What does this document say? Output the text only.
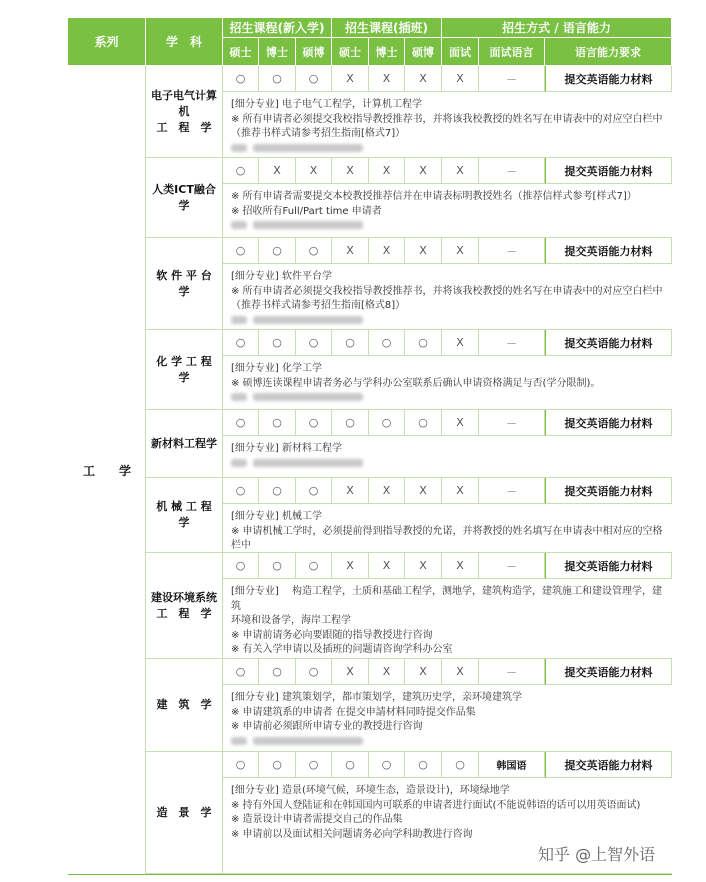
系列	学　科
招生课程(新入学)	招生课程(插班)	招生方式 / 语言能力
硕士	博士	硕博	硕士	博士	硕博	面试	面试语言	语言能力要求
工　　学
电子电气计算机
工　程　学
○	○	○	X	X	X	X	－	提交英语能力材料
[细分专业] 电子电气工程学，计算机工程学
※ 所有申请者必须提交我校指导教授推荐书，并将该我校教授的姓名写在申请表中的对应空白栏中
（推荐书样式请参考招生指南[格式7]）
人类ICT融合学
○	X	X	X	X	X	X	－	提交英语能力材料
※ 所有申请者需要提交本校教授推荐信并在申请表标明教授姓名（推荐信样式参考[样式7]）
※ 招收所有Full/Part time 申请者
软 件 平 台 学
○	○	○	X	X	X	X	－	提交英语能力材料
[细分专业] 软件平台学
※ 所有申请者必须提交我校指导教授推荐书，并将该我校教授的姓名写在申请表中的对应空白栏中
（推荐书样式请参考招生指南[格式8]）
化 学 工 程 学
○	○	○	○	○	○	X	－	提交英语能力材料
[细分专业] 化学工学
※ 硕博连读课程申请者务必与学科办公室联系后确认申请资格满足与否(学分限制)。
新材料工程学
○	○	○	○	○	○	X	－	提交英语能力材料
[细分专业] 新材料工程学
机 械 工 程 学
○	○	○	X	X	X	X	－	提交英语能力材料
[细分专业] 机械工学
※ 申请机械工学时，必须提前得到指导教授的允诺，并将教授的姓名填写在申请表中相对应的空格栏中
建设环境系统
工　程　学
○	○	○	X	X	X	X	－	提交英语能力材料
[细分专业]　 构造工程学，土质和基础工程学，测地学，建筑构造学，建筑施工和建设管理学，建筑
环境和设备学，海岸工程学
※ 申请前请务必向要跟随的指导教授进行咨询
※ 有关入学申请以及插班的问题请咨询学科办公室
建　筑　学
○	○	○	X	X	X	X	－	提交英语能力材料
[细分专业] 建筑策划学，都市策划学，建筑历史学，亲环境建筑学
※ 申请建筑系的申请者 在提交申請材料同時提交作品集
※ 申请前必须跟所申请专业的教授进行咨询
造　景　学
○	○	○	○	○	○	○	韩国语	提交英语能力材料
[细分专业] 造景(环境气候，环境生态，造景设计)，环境绿地学
※ 持有外国人登陆证和在韩国国内可联系的申请者进行面试(不能说韩语的话可以用英语面试)
※ 造景设计申请者需提交自己的作品集
※ 申请前以及面试相关问题请务必向学科助教进行咨询
知乎 @上智外语
